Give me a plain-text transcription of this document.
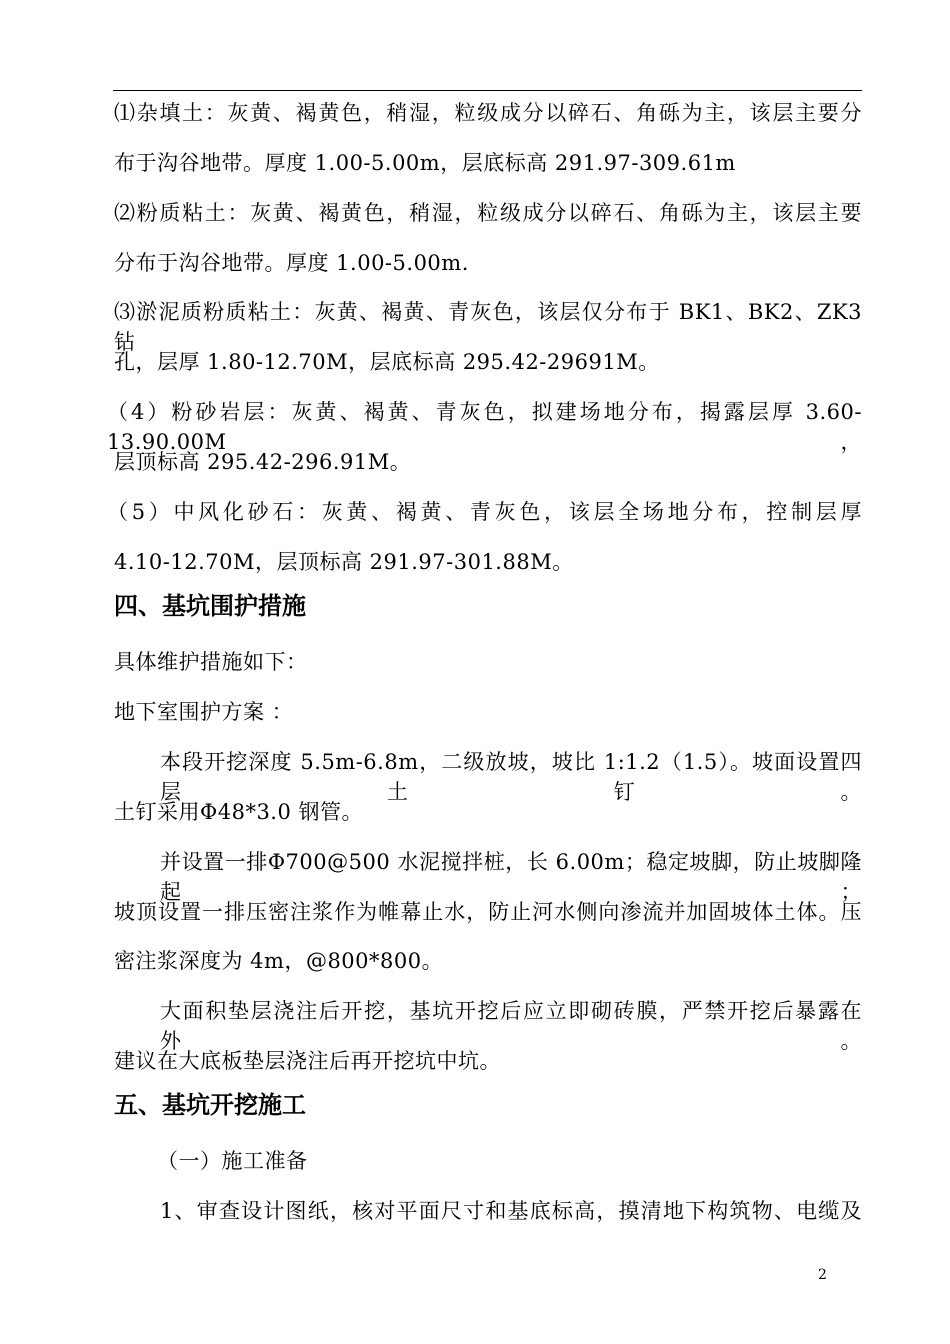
⑴杂填土：灰黄、褐黄色，稍湿，粒级成分以碎石、角砾为主，该层主要分
布于沟谷地带。厚度 1.00-5.00m，层底标高 291.97-309.61m
⑵粉质粘土：灰黄、褐黄色，稍湿，粒级成分以碎石、角砾为主，该层主要
分布于沟谷地带。厚度 1.00-5.00m.
⑶淤泥质粉质粘土：灰黄、褐黄、青灰色，该层仅分布于 BK1、BK2、ZK3 钻
孔，层厚 1.80-12.70M，层底标高 295.42-29691M。
（4）粉砂岩层：灰黄、褐黄、青灰色，拟建场地分布，揭露层厚 3.60-13.90.00M，
层顶标高 295.42-296.91M。
（5）中风化砂石：灰黄、褐黄、青灰色，该层全场地分布，控制层厚
4.10-12.70M，层顶标高 291.97-301.88M。
四、基坑围护措施
具体维护措施如下：
地下室围护方案 ：
本段开挖深度 5.5m-6.8m，二级放坡，坡比 1:1.2（1.5）。坡面设置四层土钉。
土钉采用Φ48*3.0 钢管。
并设置一排Φ700@500 水泥搅拌桩，长 6.00m；稳定坡脚，防止坡脚隆起；
坡顶设置一排压密注浆作为帷幕止水，防止河水侧向渗流并加固坡体土体。压
密注浆深度为 4m，@800*800。
大面积垫层浇注后开挖，基坑开挖后应立即砌砖膜，严禁开挖后暴露在外。
建议在大底板垫层浇注后再开挖坑中坑。
五、基坑开挖施工
（一）施工准备
1、审查设计图纸，核对平面尺寸和基底标高，摸清地下构筑物、电缆及
2
